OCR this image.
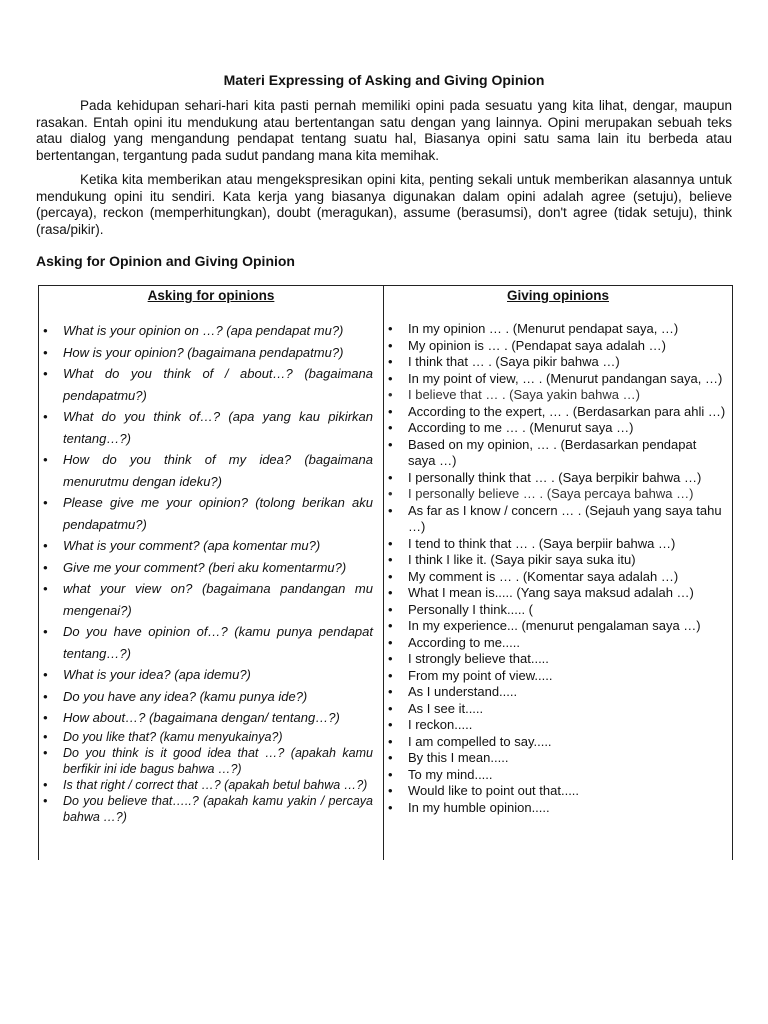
Materi Expressing of Asking and Giving Opinion

Pada kehidupan sehari-hari kita pasti pernah memiliki opini pada sesuatu yang kita lihat, dengar, maupun rasakan. Entah opini itu mendukung atau bertentangan satu dengan yang lainnya. Opini merupakan sebuah teks atau dialog yang mengandung pendapat tentang suatu hal, Biasanya opini satu sama lain itu berbeda atau bertentangan, tergantung pada sudut pandang mana kita memihak.

Ketika kita memberikan atau mengekspresikan opini kita, penting sekali untuk memberikan alasannya untuk mendukung opini itu sendiri. Kata kerja yang biasanya digunakan dalam opini adalah agree (setuju), believe (percaya), reckon (memperhitungkan), doubt (meragukan), assume (berasumsi), don't agree (tidak setuju), think (rasa/pikir).

Asking for Opinion and Giving Opinion
Asking for opinions	Giving opinions
• What is your opinion on …? (apa pendapat mu?)
• How is your opinion? (bagaimana pendapatmu?)
• What do you think of / about…? (bagaimana pendapatmu?)
• What do you think of…? (apa yang kau pikirkan tentang…?)
• How do you think of my idea? (bagaimana menurutmu dengan ideku?)
• Please give me your opinion? (tolong berikan aku pendapatmu?)
• What is your comment? (apa komentar mu?)
• Give me your comment? (beri aku komentarmu?)
• what your view on? (bagaimana pandangan mu mengenai?)
• Do you have opinion of…? (kamu punya pendapat tentang…?)
• What is your idea? (apa idemu?)
• Do you have any idea? (kamu punya ide?)
• How about…? (bagaimana dengan/ tentang…?)
• Do you like that? (kamu menyukainya?)
• Do you think is it good idea that …? (apakah kamu berfikir ini ide bagus bahwa …?)
• Is that right / correct that …? (apakah betul bahwa …?)
• Do you believe that…..? (apakah kamu yakin / percaya bahwa …?)
• In my opinion … . (Menurut pendapat saya, …)
• My opinion is … . (Pendapat saya adalah …)
• I think that … . (Saya pikir bahwa …)
• In my point of view, … . (Menurut pandangan saya, …)
• I believe that … . (Saya yakin bahwa …)
• According to the expert, … . (Berdasarkan para ahli …)
• According to me … . (Menurut saya …)
• Based on my opinion, … . (Berdasarkan pendapat saya …)
• I personally think that … . (Saya berpikir bahwa …)
• I personally believe … . (Saya percaya bahwa …)
• As far as I know / concern … . (Sejauh yang saya tahu …)
• I tend to think that … . (Saya berpiir bahwa …)
• I think I like it. (Saya pikir saya suka itu)
• My comment is … . (Komentar saya adalah …)
• What I mean is..... (Yang saya maksud adalah …)
• Personally I think..... (
• In my experience... (menurut pengalaman saya …)
• According to me.....
• I strongly believe that.....
• From my point of view.....
• As I understand.....
• As I see it.....
• I reckon.....
• I am compelled to say.....
• By this I mean.....
• To my mind.....
• Would like to point out that.....
• In my humble opinion.....
